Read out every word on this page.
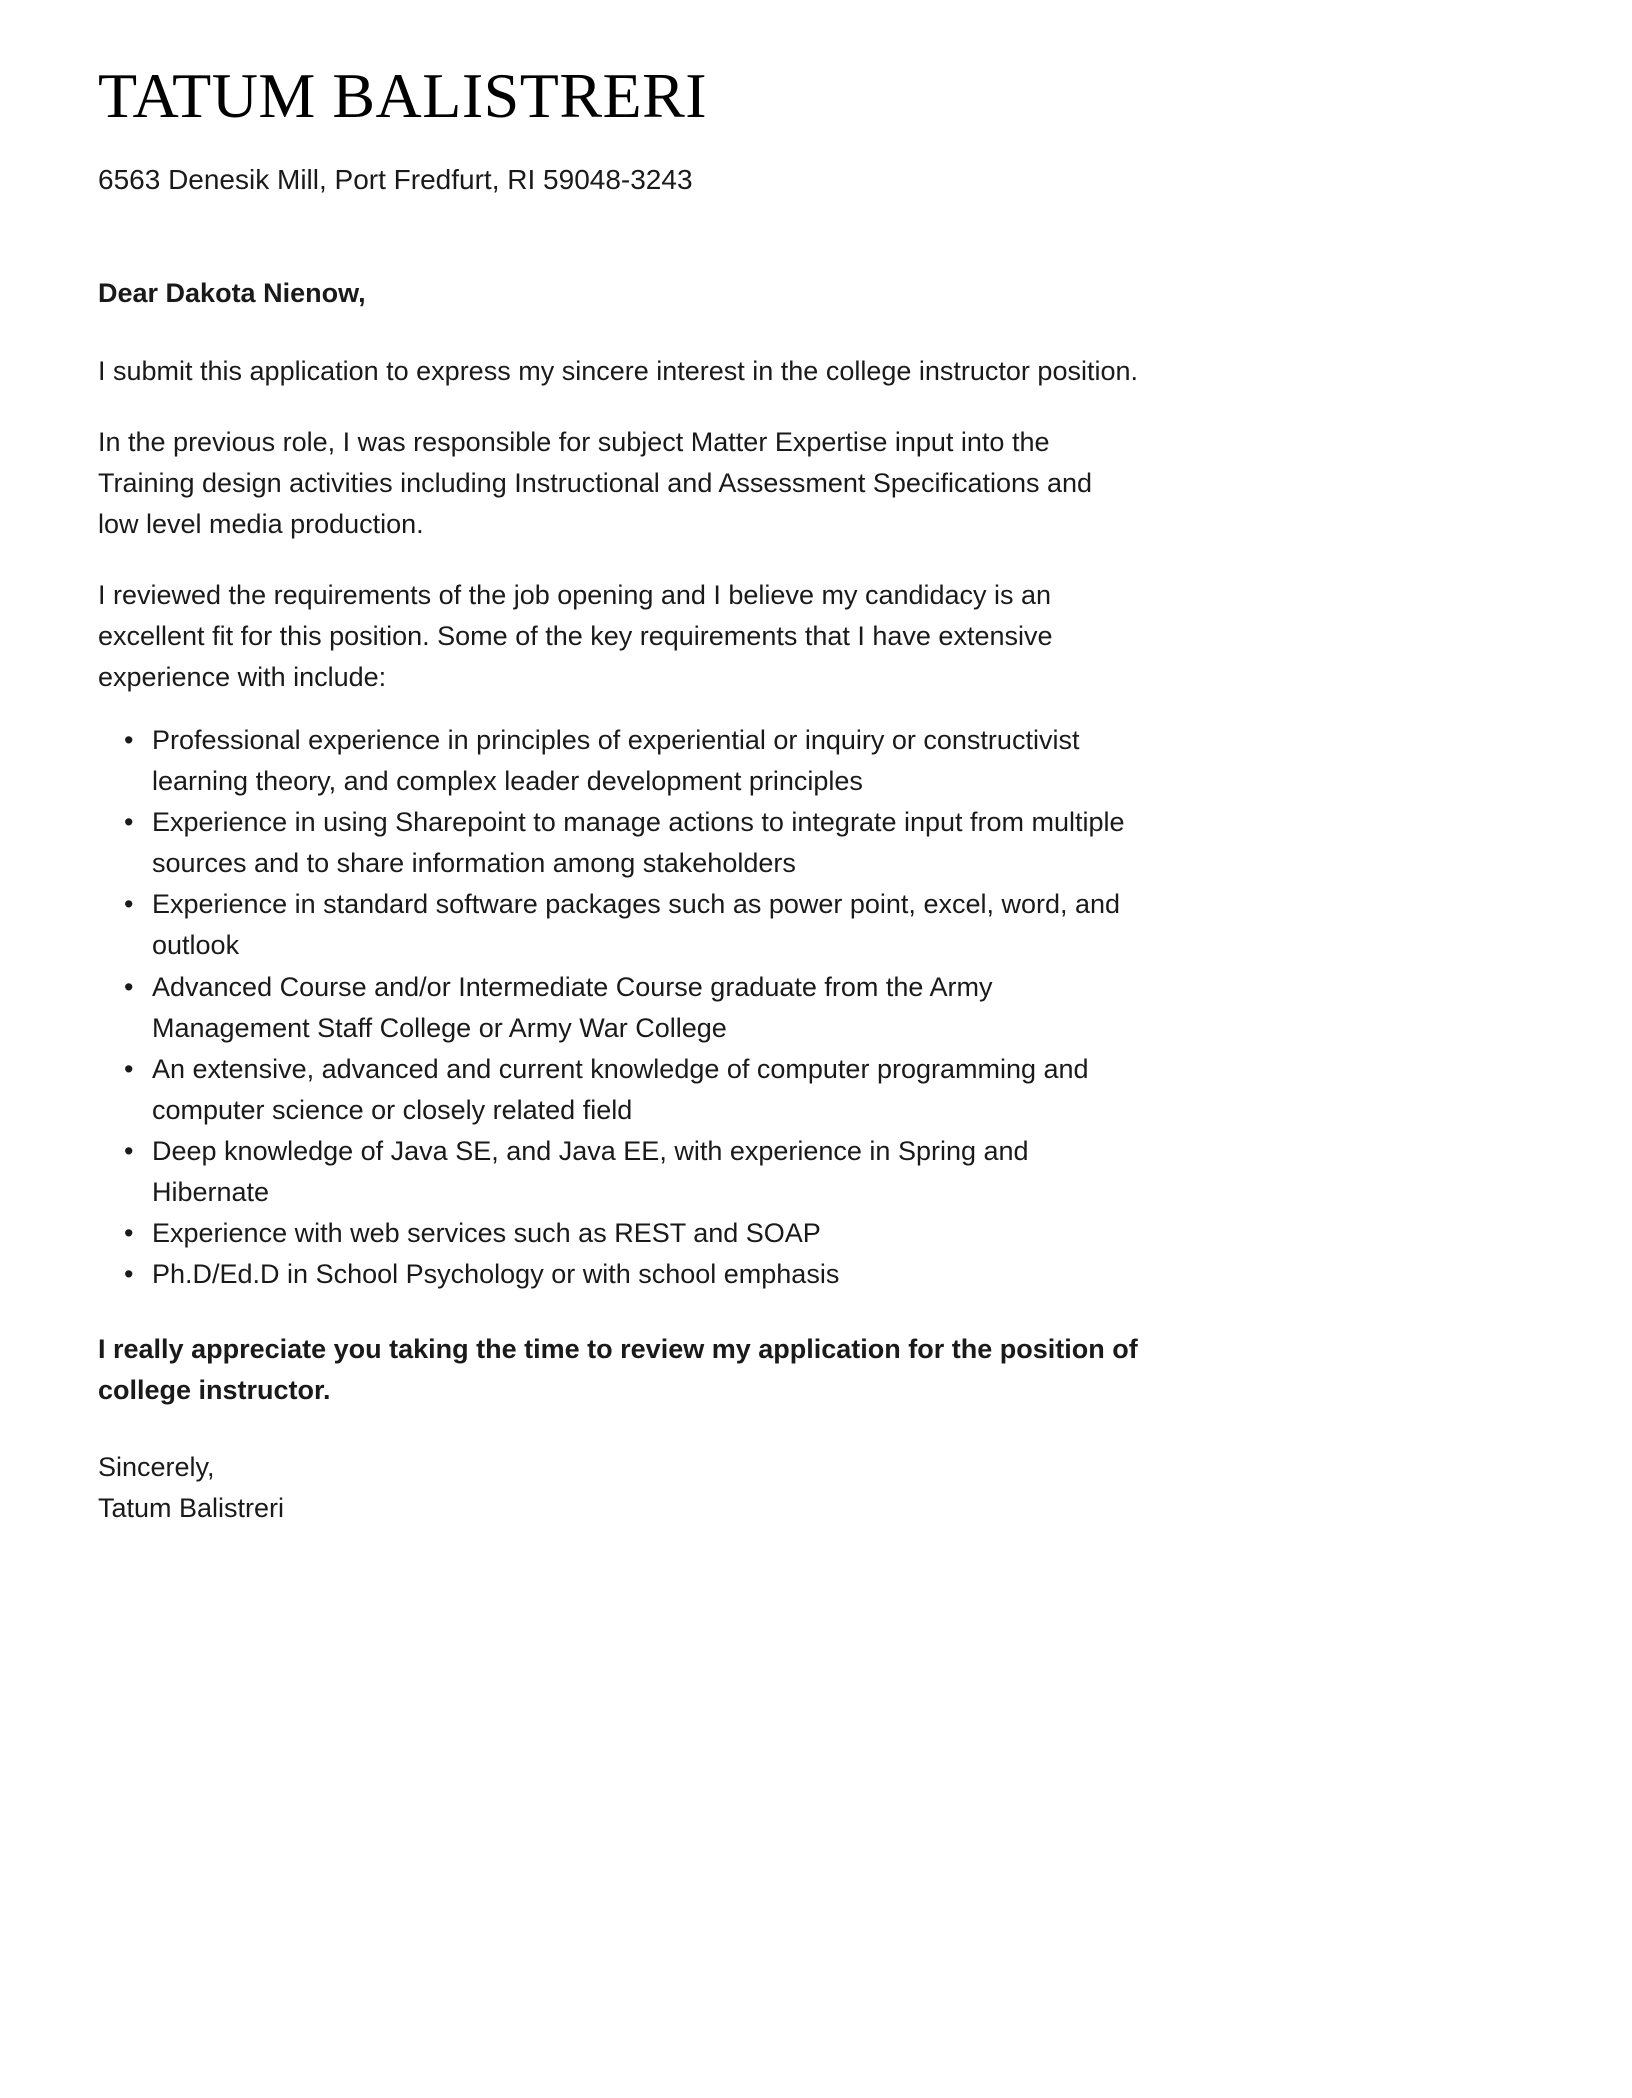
TATUM BALISTRERI
6563 Denesik Mill, Port Fredfurt, RI 59048-3243
Dear Dakota Nienow,

I submit this application to express my sincere interest in the college instructor position.

In the previous role, I was responsible for subject Matter Expertise input into the Training design activities including Instructional and Assessment Specifications and low level media production.

I reviewed the requirements of the job opening and I believe my candidacy is an excellent fit for this position. Some of the key requirements that I have extensive experience with include:

• Professional experience in principles of experiential or inquiry or constructivist learning theory, and complex leader development principles
• Experience in using Sharepoint to manage actions to integrate input from multiple sources and to share information among stakeholders
• Experience in standard software packages such as power point, excel, word, and outlook
• Advanced Course and/or Intermediate Course graduate from the Army Management Staff College or Army War College
• An extensive, advanced and current knowledge of computer programming and computer science or closely related field
• Deep knowledge of Java SE, and Java EE, with experience in Spring and Hibernate
• Experience with web services such as REST and SOAP
• Ph.D/Ed.D in School Psychology or with school emphasis

I really appreciate you taking the time to review my application for the position of college instructor.

Sincerely,
Tatum Balistreri
